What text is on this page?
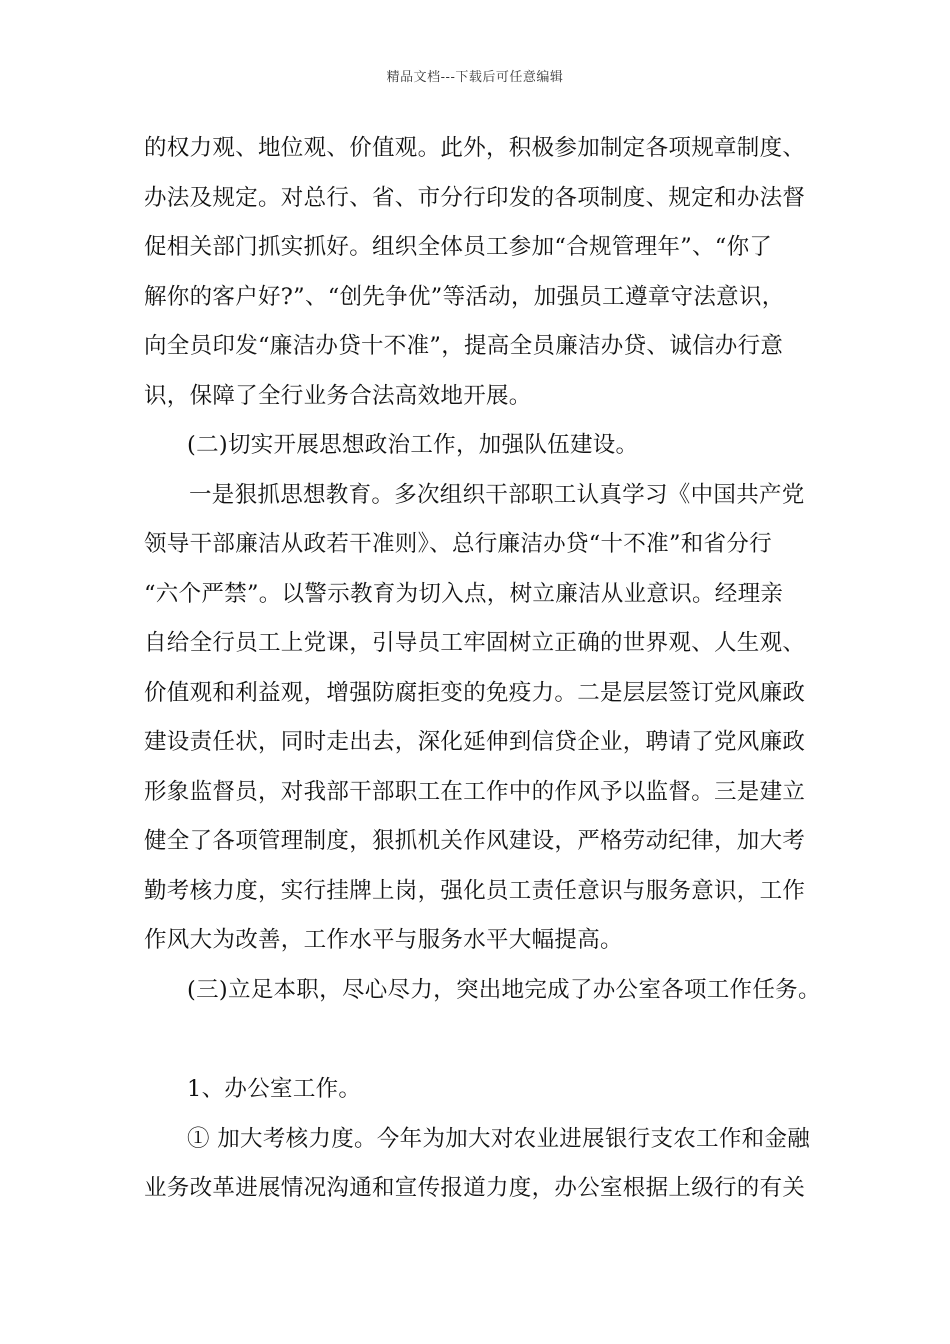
精品文档---下载后可任意编辑
的权力观、地位观、价值观。此外，积极参加制定各项规章制度、
办法及规定。对总行、省、市分行印发的各项制度、规定和办法督
促相关部门抓实抓好。组织全体员工参加“合规管理年”、“你了
解你的客户好?”、“创先争优”等活动，加强员工遵章守法意识，
向全员印发“廉洁办贷十不准”，提高全员廉洁办贷、诚信办行意
识，保障了全行业务合法高效地开展。
(二)切实开展思想政治工作，加强队伍建设。
一是狠抓思想教育。多次组织干部职工认真学习《中国共产党
领导干部廉洁从政若干准则》、总行廉洁办贷“十不准”和省分行
“六个严禁”。以警示教育为切入点，树立廉洁从业意识。经理亲
自给全行员工上党课，引导员工牢固树立正确的世界观、人生观、
价值观和利益观，增强防腐拒变的免疫力。二是层层签订党风廉政
建设责任状，同时走出去，深化延伸到信贷企业，聘请了党风廉政
形象监督员，对我部干部职工在工作中的作风予以监督。三是建立
健全了各项管理制度，狠抓机关作风建设，严格劳动纪律，加大考
勤考核力度，实行挂牌上岗，强化员工责任意识与服务意识，工作
作风大为改善，工作水平与服务水平大幅提高。
(三)立足本职，尽心尽力，突出地完成了办公室各项工作任务。
1、办公室工作。
① 加大考核力度。今年为加大对农业进展银行支农工作和金融
业务改革进展情况沟通和宣传报道力度，办公室根据上级行的有关
